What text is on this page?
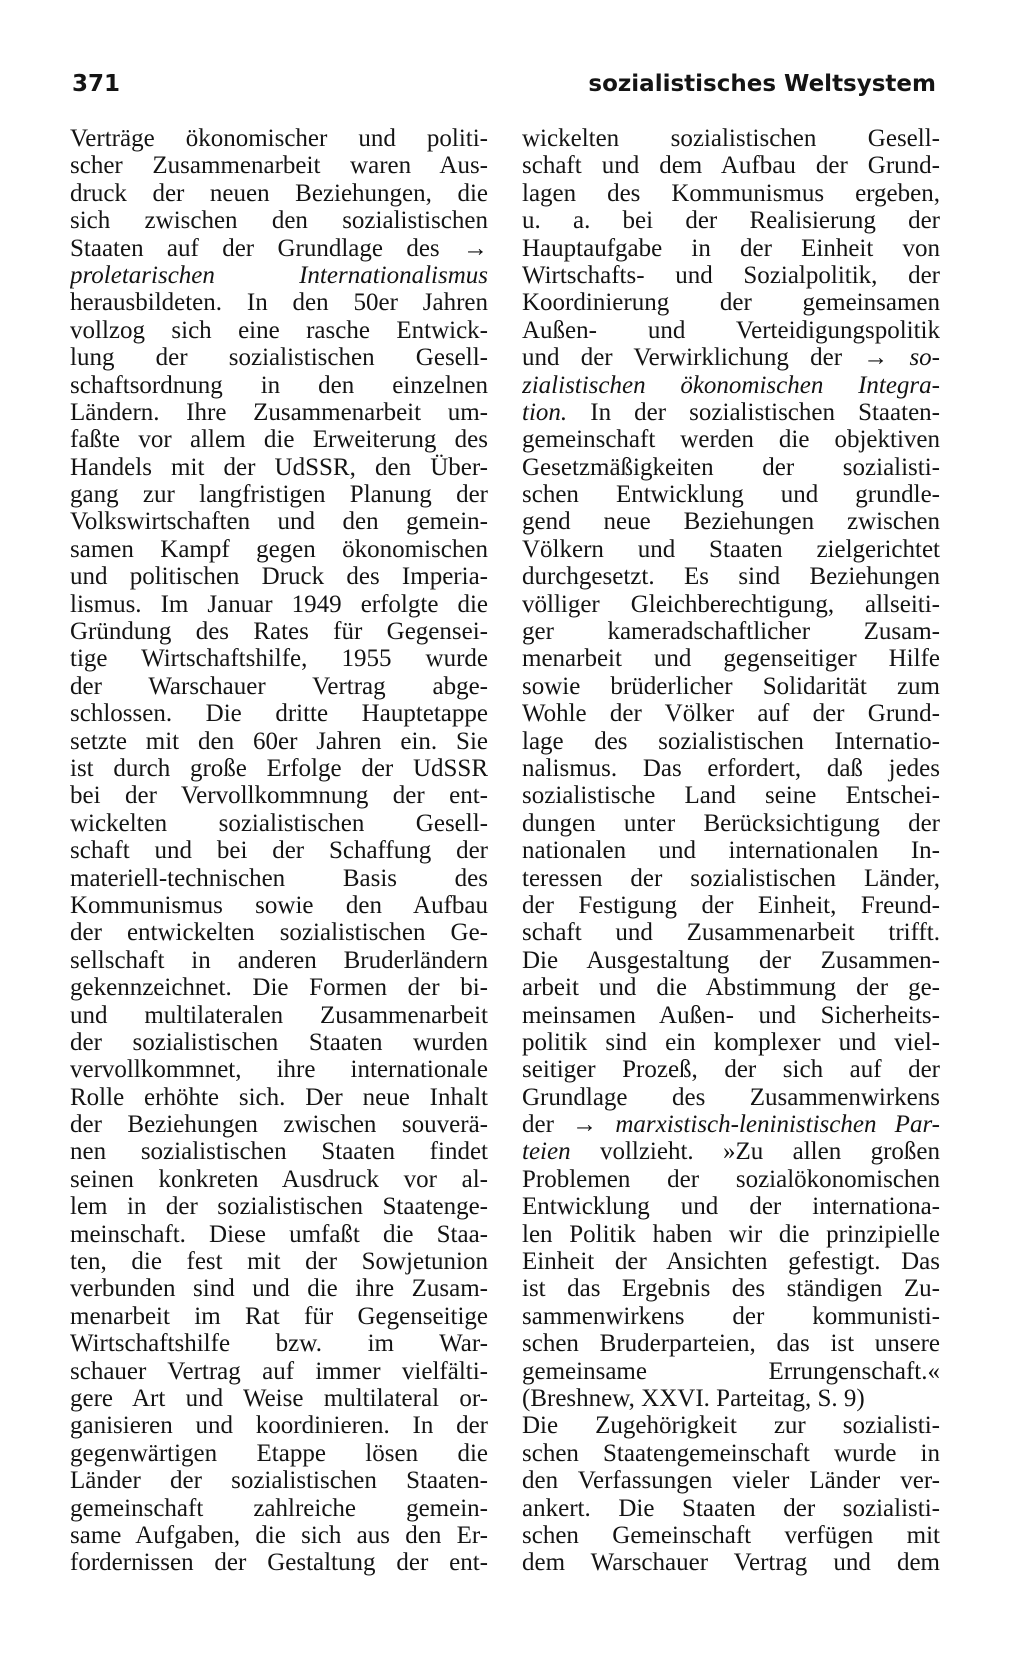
371	sozialistisches Weltsystem
Verträge ökonomischer und politi-
scher Zusammenarbeit waren Aus-
druck der neuen Beziehungen, die
sich zwischen den sozialistischen
Staaten auf der Grundlage des →
proletarischen Internationalismus
herausbildeten. In den 50er Jahren
vollzog sich eine rasche Entwick-
lung der sozialistischen Gesell-
schaftsordnung in den einzelnen
Ländern. Ihre Zusammenarbeit um-
faßte vor allem die Erweiterung des
Handels mit der UdSSR, den Über-
gang zur langfristigen Planung der
Volkswirtschaften und den gemein-
samen Kampf gegen ökonomischen
und politischen Druck des Imperia-
lismus. Im Januar 1949 erfolgte die
Gründung des Rates für Gegensei-
tige Wirtschaftshilfe, 1955 wurde
der Warschauer Vertrag abge-
schlossen. Die dritte Hauptetappe
setzte mit den 60er Jahren ein. Sie
ist durch große Erfolge der UdSSR
bei der Vervollkommnung der ent-
wickelten sozialistischen Gesell-
schaft und bei der Schaffung der
materiell-technischen Basis des
Kommunismus sowie den Aufbau
der entwickelten sozialistischen Ge-
sellschaft in anderen Bruderländern
gekennzeichnet. Die Formen der bi-
und multilateralen Zusammenarbeit
der sozialistischen Staaten wurden
vervollkommnet, ihre internationale
Rolle erhöhte sich. Der neue Inhalt
der Beziehungen zwischen souverä-
nen sozialistischen Staaten findet
seinen konkreten Ausdruck vor al-
lem in der sozialistischen Staatenge-
meinschaft. Diese umfaßt die Staa-
ten, die fest mit der Sowjetunion
verbunden sind und die ihre Zusam-
menarbeit im Rat für Gegenseitige
Wirtschaftshilfe bzw. im War-
schauer Vertrag auf immer vielfälti-
gere Art und Weise multilateral or-
ganisieren und koordinieren. In der
gegenwärtigen Etappe lösen die
Länder der sozialistischen Staaten-
gemeinschaft zahlreiche gemein-
same Aufgaben, die sich aus den Er-
fordernissen der Gestaltung der ent-
wickelten sozialistischen Gesell-
schaft und dem Aufbau der Grund-
lagen des Kommunismus ergeben,
u. a. bei der Realisierung der
Hauptaufgabe in der Einheit von
Wirtschafts- und Sozialpolitik, der
Koordinierung der gemeinsamen
Außen- und Verteidigungspolitik
und der Verwirklichung der → so-
zialistischen ökonomischen Integra-
tion. In der sozialistischen Staaten-
gemeinschaft werden die objektiven
Gesetzmäßigkeiten der sozialisti-
schen Entwicklung und grundle-
gend neue Beziehungen zwischen
Völkern und Staaten zielgerichtet
durchgesetzt. Es sind Beziehungen
völliger Gleichberechtigung, allseiti-
ger kameradschaftlicher Zusam-
menarbeit und gegenseitiger Hilfe
sowie brüderlicher Solidarität zum
Wohle der Völker auf der Grund-
lage des sozialistischen Internatio-
nalismus. Das erfordert, daß jedes
sozialistische Land seine Entschei-
dungen unter Berücksichtigung der
nationalen und internationalen In-
teressen der sozialistischen Länder,
der Festigung der Einheit, Freund-
schaft und Zusammenarbeit trifft.
Die Ausgestaltung der Zusammen-
arbeit und die Abstimmung der ge-
meinsamen Außen- und Sicherheits-
politik sind ein komplexer und viel-
seitiger Prozeß, der sich auf der
Grundlage des Zusammenwirkens
der → marxistisch-leninistischen Par-
teien vollzieht. »Zu allen großen
Problemen der sozialökonomischen
Entwicklung und der internationa-
len Politik haben wir die prinzipielle
Einheit der Ansichten gefestigt. Das
ist das Ergebnis des ständigen Zu-
sammenwirkens der kommunisti-
schen Bruderparteien, das ist unsere
gemeinsame Errungenschaft.«
(Breshnew, XXVI. Parteitag, S. 9)
Die Zugehörigkeit zur sozialisti-
schen Staatengemeinschaft wurde in
den Verfassungen vieler Länder ver-
ankert. Die Staaten der sozialisti-
schen Gemeinschaft verfügen mit
dem Warschauer Vertrag und dem
